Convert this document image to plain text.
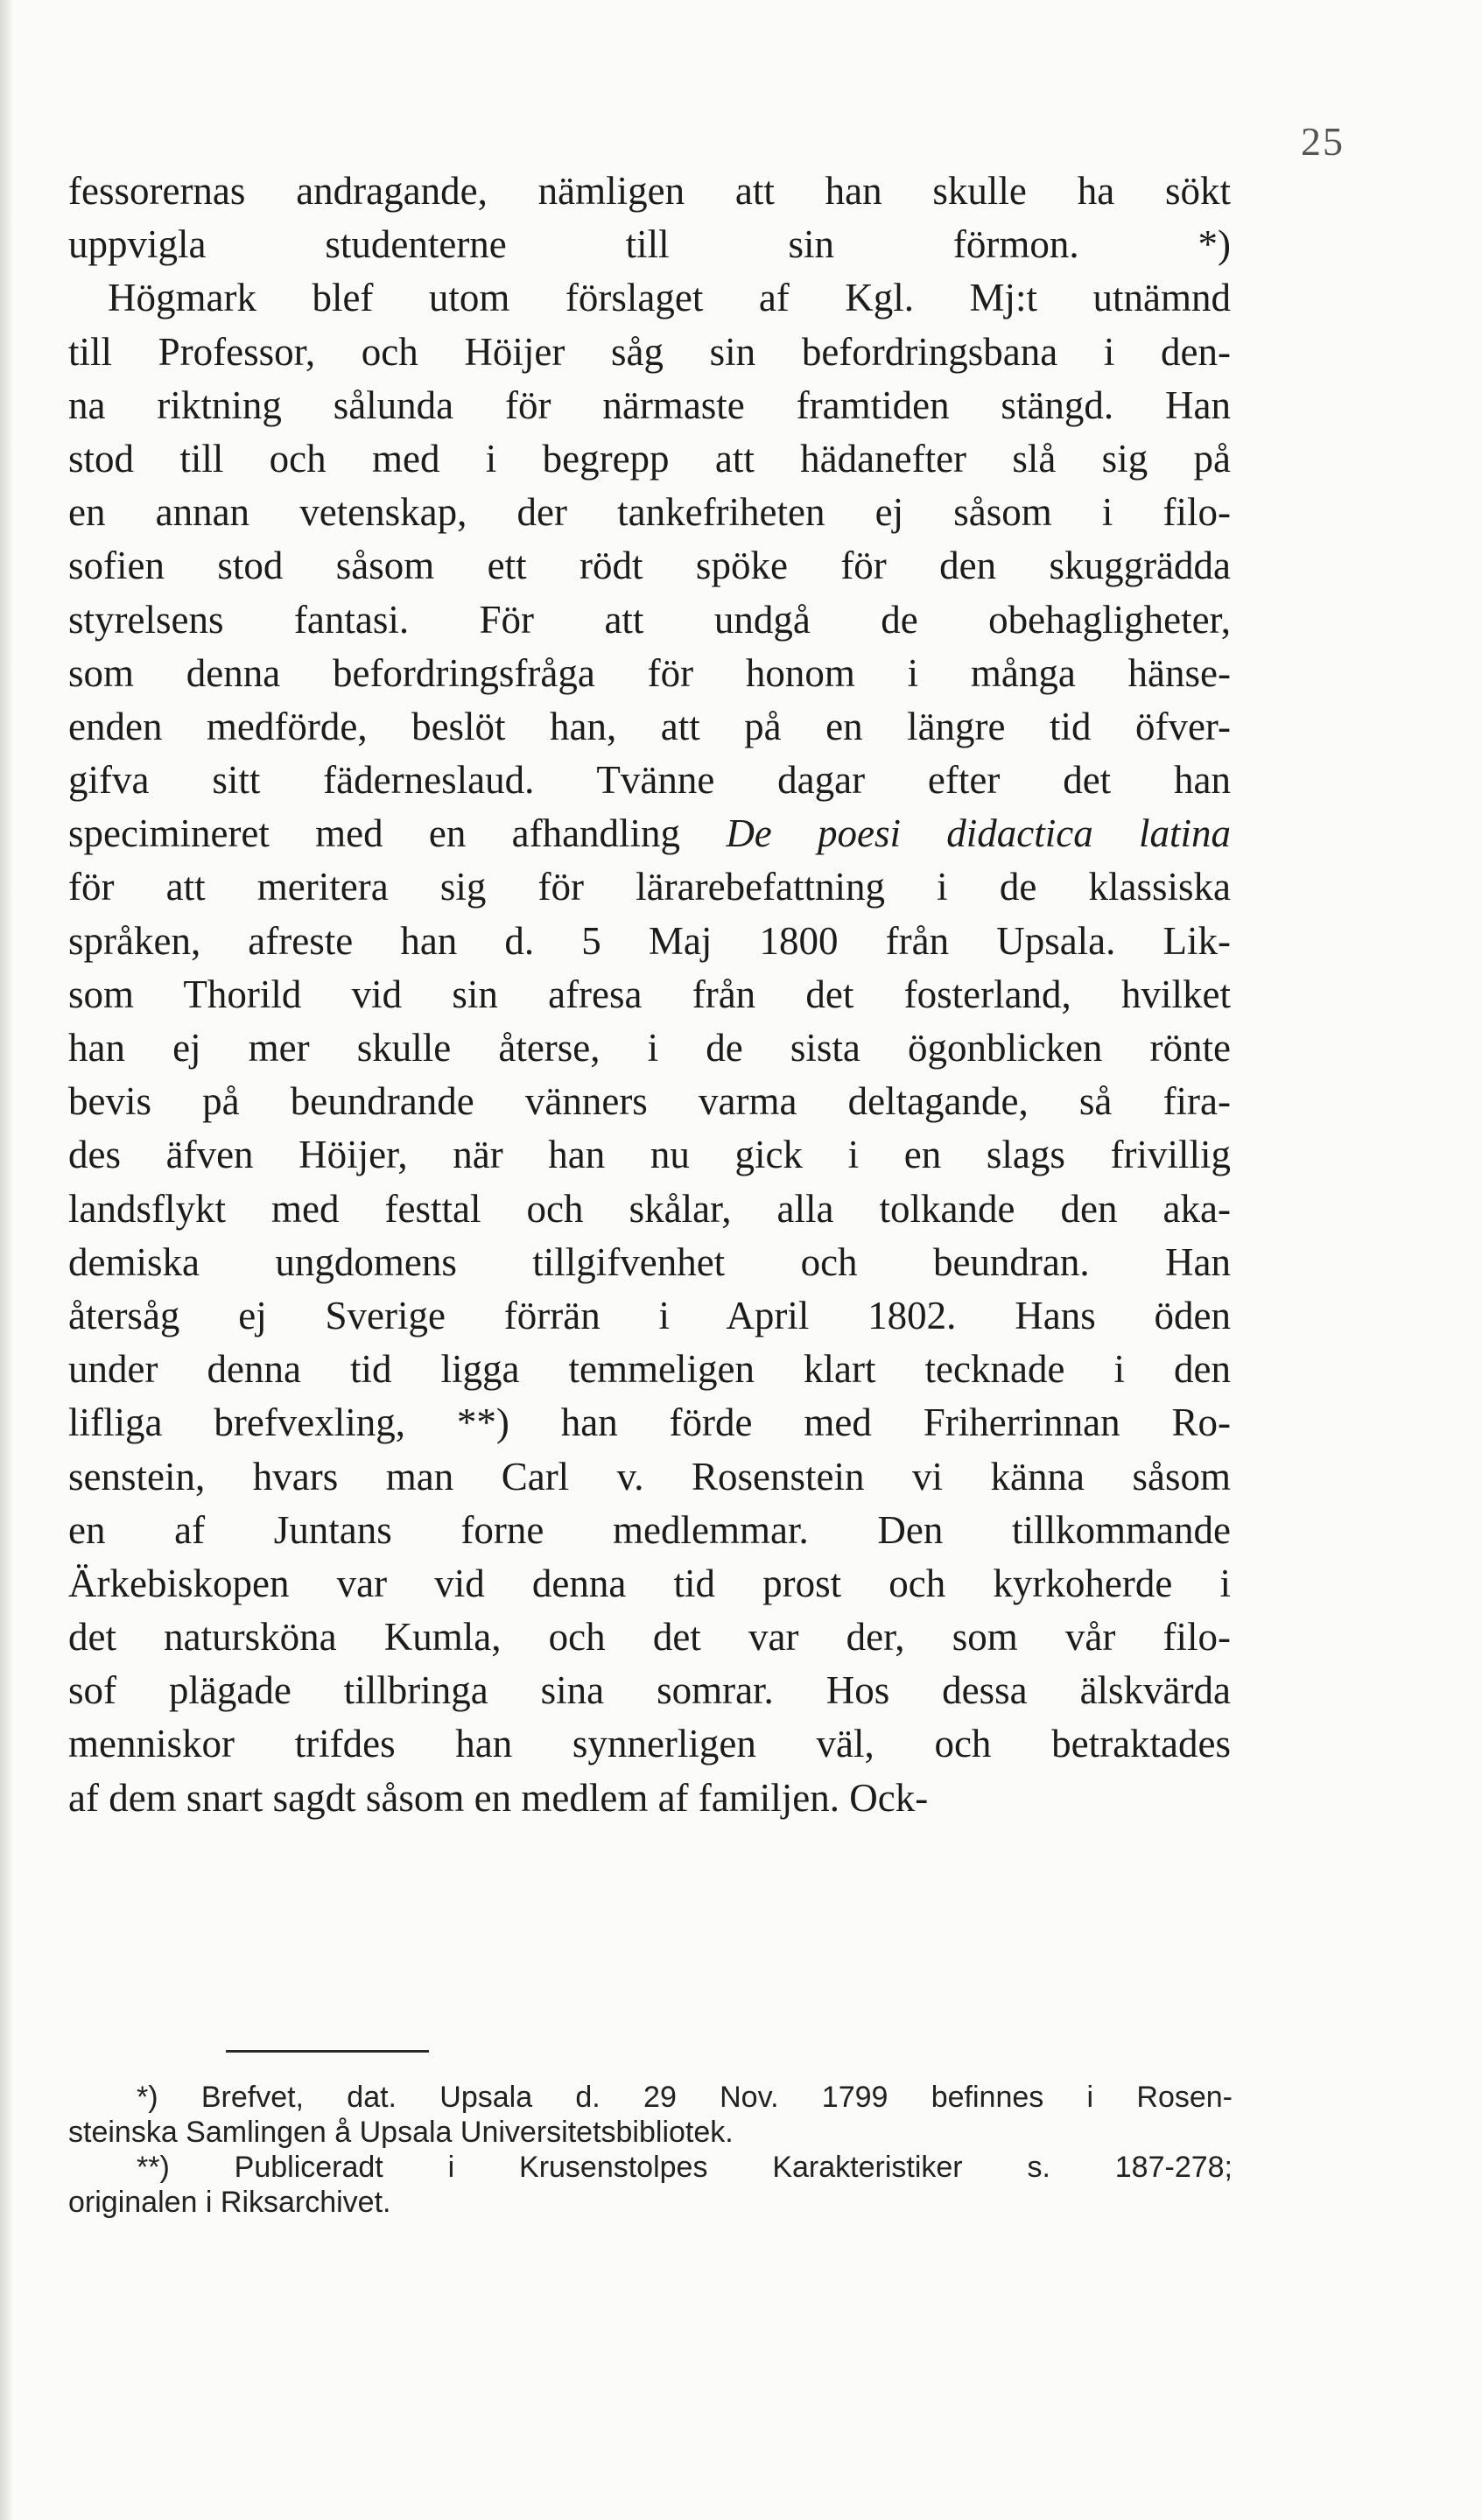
25
fessorernas andragande, nämligen att han skulle ha sökt
uppvigla studenterne till sin förmon. *)
 Högmark blef utom förslaget af Kgl. Mj:t utnämnd
till Professor, och Höijer såg sin befordringsbana i den-
na riktning sålunda för närmaste framtiden stängd. Han
stod till och med i begrepp att hädanefter slå sig på
en annan vetenskap, der tankefriheten ej såsom i filo-
sofien stod såsom ett rödt spöke för den skuggrädda
styrelsens fantasi. För att undgå de obehagligheter,
som denna befordringsfråga för honom i många hänse-
enden medförde, beslöt han, att på en längre tid öfver-
gifva sitt fäderneslaud. Tvänne dagar efter det han
specimineret med en afhandling De poesi didactica latina
för att meritera sig för lärarebefattning i de klassiska
språken, afreste han d. 5 Maj 1800 från Upsala. Lik-
som Thorild vid sin afresa från det fosterland, hvilket
han ej mer skulle återse, i de sista ögonblicken rönte
bevis på beundrande vänners varma deltagande, så fira-
des äfven Höijer, när han nu gick i en slags frivillig
landsflykt med festtal och skålar, alla tolkande den aka-
demiska ungdomens tillgifvenhet och beundran. Han
återsåg ej Sverige förrän i April 1802. Hans öden
under denna tid ligga temmeligen klart tecknade i den
lifliga brefvexling, **) han förde med Friherrinnan Ro-
senstein, hvars man Carl v. Rosenstein vi känna såsom
en af Juntans forne medlemmar. Den tillkommande
Ärkebiskopen var vid denna tid prost och kyrkoherde i
det natursköna Kumla, och det var der, som vår filo-
sof plägade tillbringa sina somrar. Hos dessa älskvärda
menniskor trifdes han synnerligen väl, och betraktades
af dem snart sagdt såsom en medlem af familjen. Ock-
*) Brefvet, dat. Upsala d. 29 Nov. 1799 befinnes i Rosen-
steinska Samlingen å Upsala Universitetsbibliotek.
**) Publiceradt i Krusenstolpes Karakteristiker s. 187-278;
originalen i Riksarchivet.
